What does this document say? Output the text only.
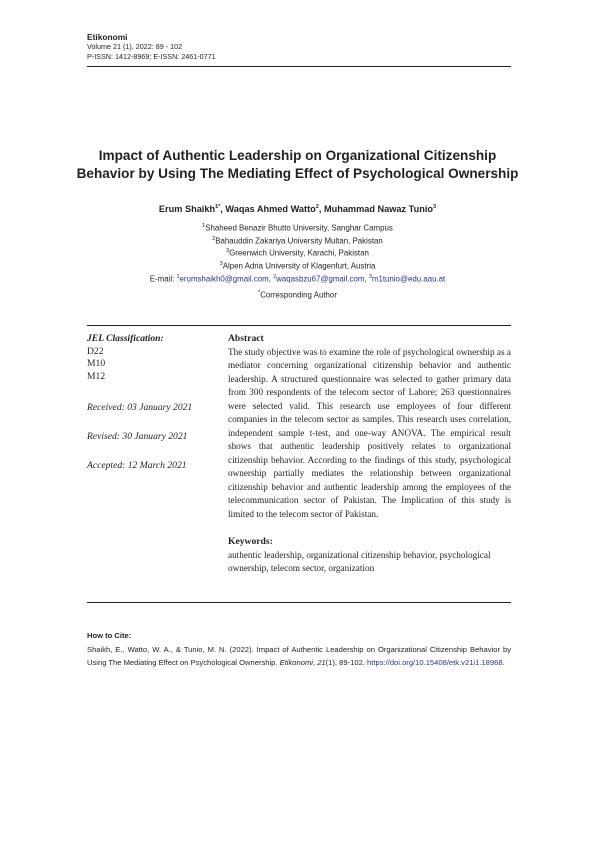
Etikonomi
Volume 21 (1), 2022: 89 - 102
P-ISSN: 1412-8969; E-ISSN: 2461-0771
Impact of Authentic Leadership on Organizational Citizenship
Behavior by Using The Mediating Effect of Psychological Ownership
Erum Shaikh$^{1*}$, Waqas Ahmed Watto$^2$, Muhammad Nawaz Tunio$^3$
$^1$Shaheed Benazir Bhutto University, Sanghar Campus
$^2$Bahauddin Zakariya University Multan, Pakistan
$^3$Greenwich University, Karachi, Pakistan
$^3$Alpen Adria University of Klagenfurt, Austria
E-mail: $^1$erumshaikh0@gmail.com, $^2$waqasbzu67@gmail.com, $^3$m1tunio@edu.aau.at
*Corresponding Author
JEL Classification:
D22
M10
M12
Received: 03 January 2021
Revised: 30 January 2021
Accepted: 12 March 2021
Abstract
The study objective was to examine the role of psychological ownership as a mediator concerning organizational citizenship behavior and authentic leadership. A structured questionnaire was selected to gather primary data from 300 respondents of the telecom sector of Lahore; 263 questionnaires were selected valid. This research use employees of four different companies in the telecom sector as samples. This research uses correlation, independent sample t-test, and one-way ANOVA. The empirical result shows that authentic leadership positively relates to organizational citizenship behavior. According to the findings of this study, psychological ownership partially mediates the relationship between organizational citizenship behavior and authentic leadership among the employees of the telecommunication sector of Pakistan. The Implication of this study is limited to the telecom sector of Pakistan.
Keywords:
authentic leadership, organizational citizenship behavior, psychological ownership, telecom sector, organization
How to Cite:
Shaikh, E., Watto, W. A., & Tunio, M. N. (2022). Impact of Authentic Leadership on Organizational Citizenship Behavior by Using The Mediating Effect on Psychological Ownership. Etikonomi, 21(1), 89-102. https://doi.org/10.15408/etk.v21i1.18968.
